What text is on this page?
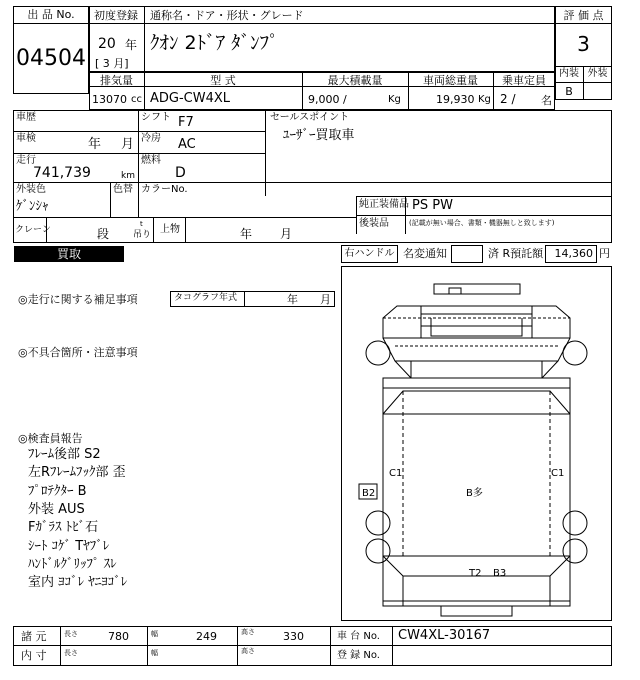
出 品 No.
04504
初度登録 通称名・ドア・形状・グレード
20 年
[ 3 月]
ｸｵﾝ 2ﾄﾞｱ ﾀﾞﾝﾌﾟ
評 価 点
3
内装 外装
B
排気量	型 式	最大積載量	車両総重量	乗車定員
13070 cc ADG-CW4XL	9,000 /	Kg	19,930 Kg 2 / 名
車歴	シフト F7
車検	年 月 冷房 AC
走行
741,739	km
燃料
D
セールスポイント
ﾕｰｻﾞｰ買取車
外装色
ｹﾞﾝｼｬ
色替 カラーNo.
純正装備品 PS PW
後装品	(記載が無い場合、書類・機器無しと致します)
クレーン	段
t
吊り 上物	年 月
買取	右ハンドル 名変通知	済 R預託額	14,360 円
◎走行に関する補足事項	タコグラフ年式	年 月
◎不具合箇所・注意事項
◎検査員報告
ﾌﾚｰﾑ後部 S2
左Rﾌﾚｰﾑﾌｯｸ部 歪
ﾌﾟﾛﾃｸﾀｰ B
外装 AUS
Fｶﾞﾗｽ ﾄﾋﾞ石
ｼｰﾄ ｺｹﾞ Tﾔﾌﾞﾚ
ﾊﾝﾄﾞﾙｸﾞﾘｯﾌﾟ ｽﾚ
室内 ﾖｺﾞﾚ ﾔﾆﾖｺﾞﾚ
C1	C1
B2	B多
T2 B3
諸 元	長さ	780	幅	249	高さ	330	車 台 No. CW4XL-30167
内 寸	長さ	幅	高さ	登 録 No.
